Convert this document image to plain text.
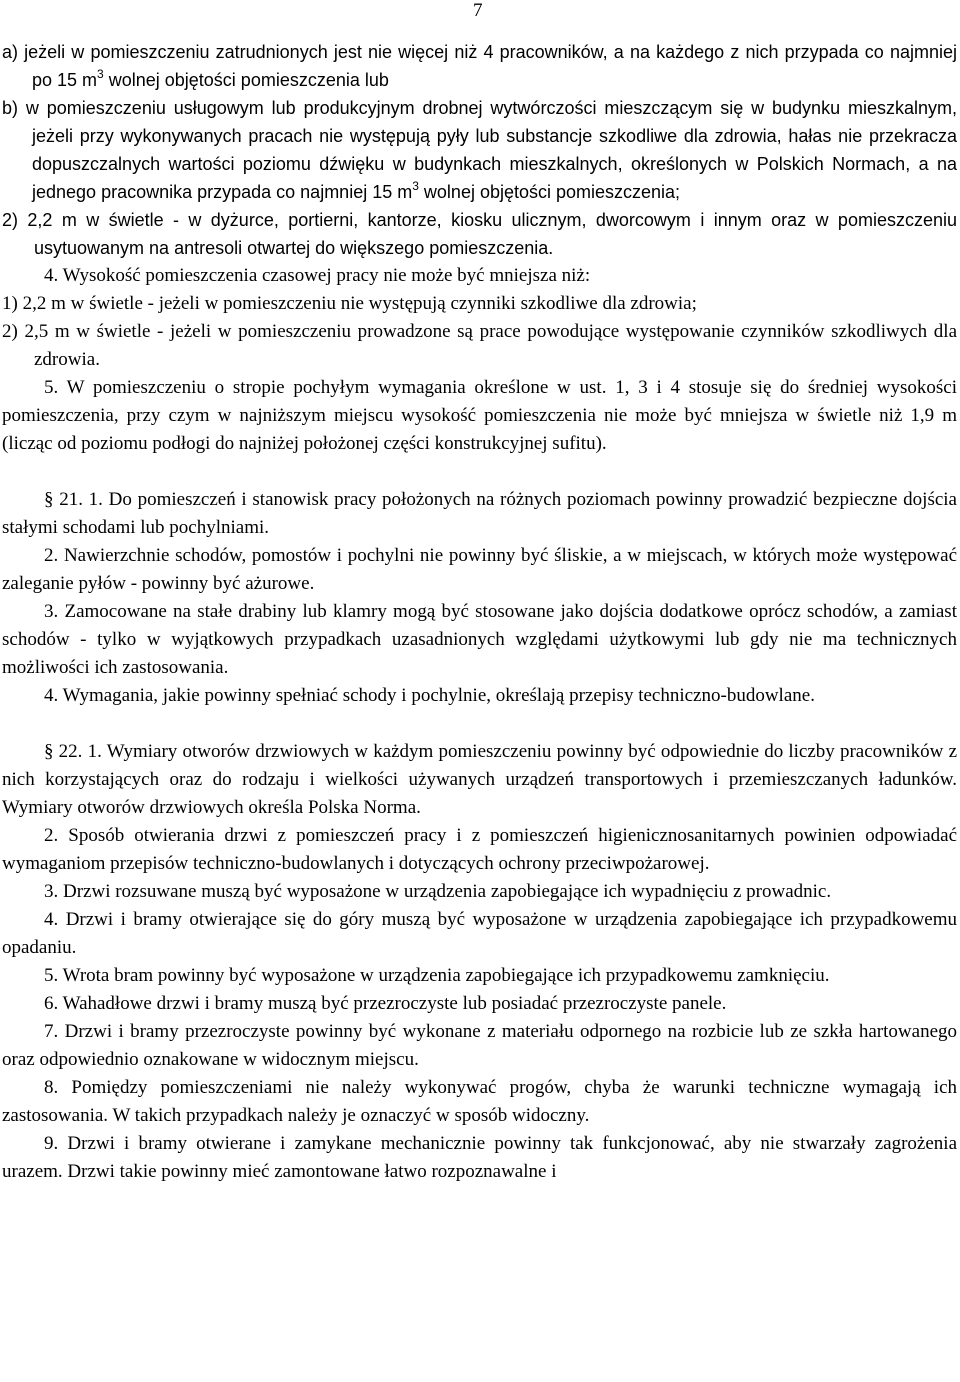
7

a) jeżeli w pomieszczeniu zatrudnionych jest nie więcej niż 4 pracowników, a na każdego z nich przypada co najmniej po 15 $m^3$ wolnej objętości pomieszczenia lub

b) w pomieszczeniu usługowym lub produkcyjnym drobnej wytwórczości mieszczącym się w budynku mieszkalnym, jeżeli przy wykonywanych pracach nie występują pyły lub substancje szkodliwe dla zdrowia, hałas nie przekracza dopuszczalnych wartości poziomu dźwięku w budynkach mieszkalnych, określonych w Polskich Normach, a na jednego pracownika przypada co najmniej 15 $m^3$ wolnej objętości pomieszczenia;

2) 2,2 m w świetle - w dyżurce, portierni, kantorze, kiosku ulicznym, dworcowym i innym oraz w pomieszczeniu usytuowanym na antresoli otwartej do większego pomieszczenia.

4. Wysokość pomieszczenia czasowej pracy nie może być mniejsza niż:

1) 2,2 m w świetle - jeżeli w pomieszczeniu nie występują czynniki szkodliwe dla zdrowia;

2) 2,5 m w świetle - jeżeli w pomieszczeniu prowadzone są prace powodujące występowanie czynników szkodliwych dla zdrowia.

5. W pomieszczeniu o stropie pochyłym wymagania określone w ust. 1, 3 i 4 stosuje się do średniej wysokości pomieszczenia, przy czym w najniższym miejscu wysokość pomieszczenia nie może być mniejsza w świetle niż 1,9 m (licząc od poziomu podłogi do najniżej położonej części konstrukcyjnej sufitu).

§ 21. 1. Do pomieszczeń i stanowisk pracy położonych na różnych poziomach powinny prowadzić bezpieczne dojścia stałymi schodami lub pochylniami.

2. Nawierzchnie schodów, pomostów i pochylni nie powinny być śliskie, a w miejscach, w których może występować zaleganie pyłów - powinny być ażurowe.

3. Zamocowane na stałe drabiny lub klamry mogą być stosowane jako dojścia dodatkowe oprócz schodów, a zamiast schodów - tylko w wyjątkowych przypadkach uzasadnionych względami użytkowymi lub gdy nie ma technicznych możliwości ich zastosowania.

4. Wymagania, jakie powinny spełniać schody i pochylnie, określają przepisy techniczno-budowlane.

§ 22. 1. Wymiary otworów drzwiowych w każdym pomieszczeniu powinny być odpowiednie do liczby pracowników z nich korzystających oraz do rodzaju i wielkości używanych urządzeń transportowych i przemieszczanych ładunków. Wymiary otworów drzwiowych określa Polska Norma.

2. Sposób otwierania drzwi z pomieszczeń pracy i z pomieszczeń higienicznosanitarnych powinien odpowiadać wymaganiom przepisów techniczno-budowlanych i dotyczących ochrony przeciwpożarowej.

3. Drzwi rozsuwane muszą być wyposażone w urządzenia zapobiegające ich wypadnięciu z prowadnic.

4. Drzwi i bramy otwierające się do góry muszą być wyposażone w urządzenia zapobiegające ich przypadkowemu opadaniu.

5. Wrota bram powinny być wyposażone w urządzenia zapobiegające ich przypadkowemu zamknięciu.

6. Wahadłowe drzwi i bramy muszą być przezroczyste lub posiadać przezroczyste panele.

7. Drzwi i bramy przezroczyste powinny być wykonane z materiału odpornego na rozbicie lub ze szkła hartowanego oraz odpowiednio oznakowane w widocznym miejscu.

8. Pomiędzy pomieszczeniami nie należy wykonywać progów, chyba że warunki techniczne wymagają ich zastosowania. W takich przypadkach należy je oznaczyć w sposób widoczny.

9. Drzwi i bramy otwierane i zamykane mechanicznie powinny tak funkcjonować, aby nie stwarzały zagrożenia urazem. Drzwi takie powinny mieć zamontowane łatwo rozpoznawalne i
